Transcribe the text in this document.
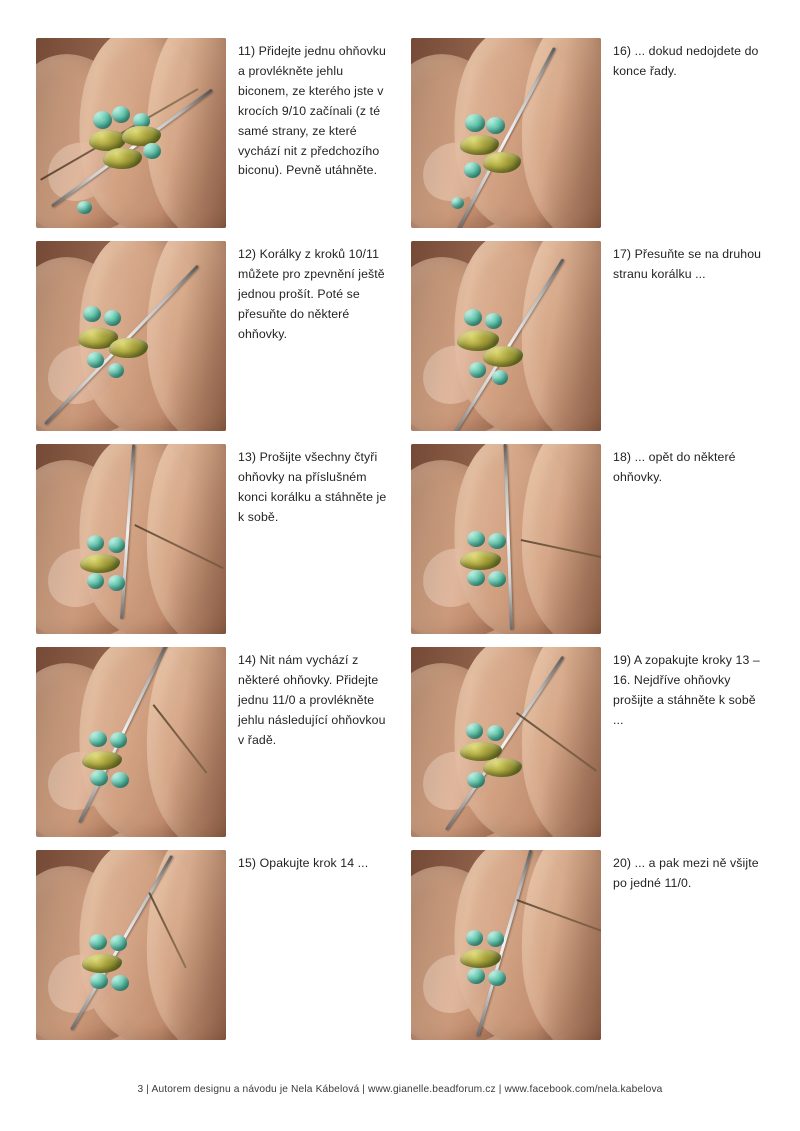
11) Přidejte jednu ohňovku a provlékněte jehlu biconem, ze kterého jste v krocích 9/10 začínali (z té samé strany, ze které vychází nit z předchozího biconu). Pevně utáhněte.
16) ... dokud nedojdete do konce řady.
12) Korálky z kroků 10/11 můžete pro zpevnění ještě jednou prošít. Poté se přesuňte do některé ohňovky.
17) Přesuňte se na druhou stranu korálku ...
13) Prošijte všechny čtyři ohňovky na příslušném konci korálku a stáhněte je k sobě.
18) ... opět do některé ohňovky.
14) Nit nám vychází z některé ohňovky. Přidejte jednu 11/0 a provlékněte jehlu následující ohňovkou v řadě.
19) A zopakujte kroky 13 – 16. Nejdříve ohňovky prošijte a stáhněte k sobě ...
15) Opakujte krok 14 ...	20) ... a pak mezi ně všijte po jedné 11/0.
3 | Autorem designu a návodu je Nela Kábelová | www.gianelle.beadforum.cz | www.facebook.com/nela.kabelova
